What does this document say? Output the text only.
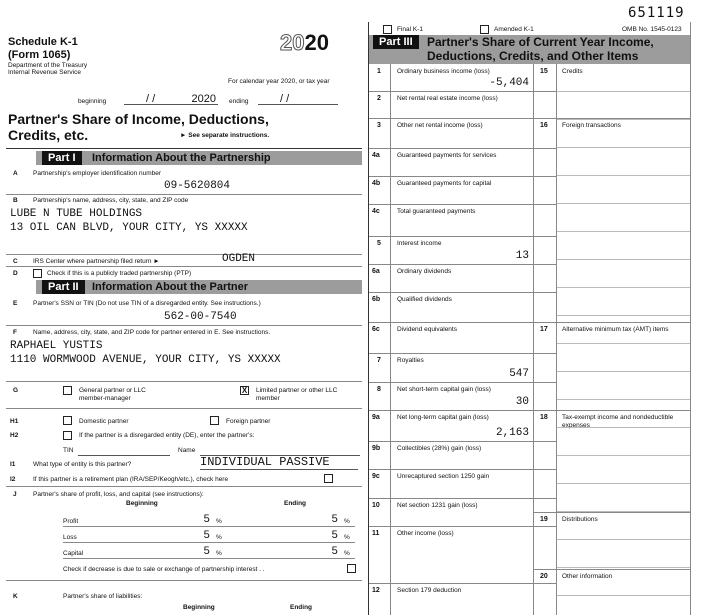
651119
Final K-1	Amended K-1	OMB No. 1545-0123
Schedule K-1
(Form 1065)
Department of the Treasury
Internal Revenue Service
2020
For calendar year 2020, or tax year
beginning	/ /	2020 ending	/ /
Partner's Share of Income, Deductions,
Credits, etc.	► See separate instructions.
Part I	Information About the Partnership
A Partnership's employer identification number
09-5620804
B Partnership's name, address, city, state, and ZIP code
LUBE N TUBE HOLDINGS
13 OIL CAN BLVD, YOUR CITY, YS XXXXX
C IRS Center where partnership filed return ►	OGDEN
D	Check if this is a publicly traded partnership (PTP)
Part II	Information About the Partner
E Partner's SSN or TIN (Do not use TIN of a disregarded entity. See instructions.)
562-00-7540
F Name, address, city, state, and ZIP code for partner entered in E. See instructions.
RAPHAEL YUSTIS
1110 WORMWOOD AVENUE, YOUR CITY, YS XXXXX
G	General partner or LLC
member-manager
X Limited partner or other LLC
member
H1	Domestic partner	Foreign partner
H2	If the partner is a disregarded entity (DE), enter the partner's:
TIN	Name
I1	What type of entity is this partner?	INDIVIDUAL PASSIVE
I2	If this partner is a retirement plan (IRA/SEP/Keogh/etc.), check here
J	Partner's share of profit, loss, and capital (see instructions):
Beginning	Ending
Profit	5 %	5 %
Loss	5 %	5 %
Capital	5 %	5 %
Check if decrease is due to sale or exchange of partnership interest . .
K	Partner's share of liabilities:
Beginning	Ending
Part III	Partner's Share of Current Year Income,
Deductions, Credits, and Other Items
1 Ordinary business income (loss)
-5,404
2 Net rental real estate income (loss)
3 Other net rental income (loss)
4a	Guaranteed payments for services
4b	Guaranteed payments for capital
4c	Total guaranteed payments
5 Interest income
13
6a	Ordinary dividends
6b	Qualified dividends
6c	Dividend equivalents
7 Royalties
547
8 Net short-term capital gain (loss)
30
9a	Net long-term capital gain (loss)
2,163
9b	Collectibles (28%) gain (loss)
9c	Unrecaptured section 1250 gain
10	Net section 1231 gain (loss)
11	Other income (loss)
12	Section 179 deduction
15 Credits
16 Foreign transactions
17 Alternative minimum tax (AMT) items
18 Tax-exempt income and nondeductible expenses
19 Distributions
20 Other information
